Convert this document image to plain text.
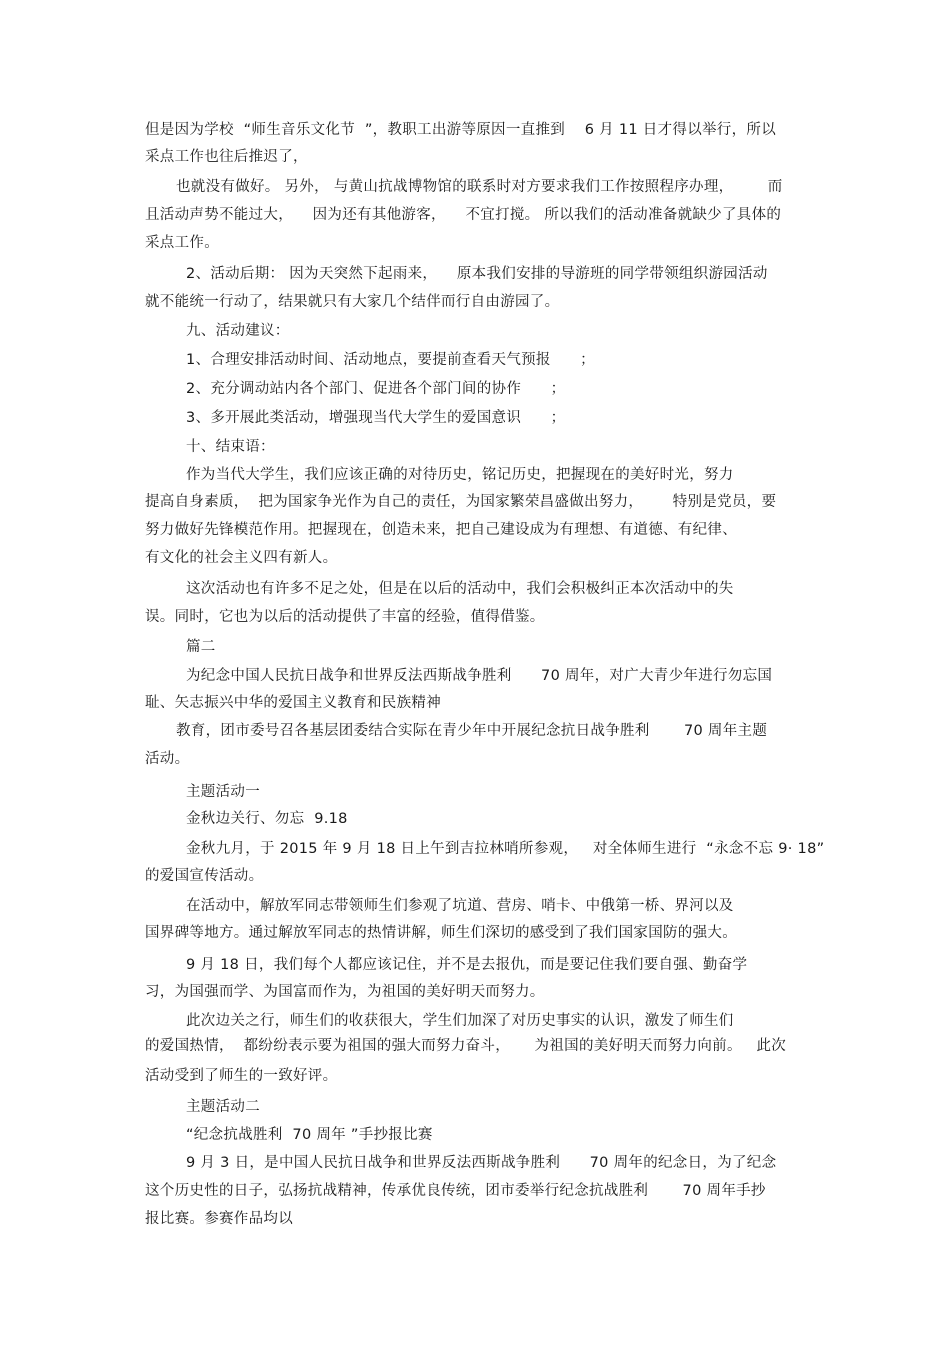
但是因为学校  “师生音乐文化节  ”，教职工出游等原因一直推到    6 月 11 日才得以举行，所以
采点工作也往后推迟了，
也就没有做好。 另外， 与黄山抗战博物馆的联系时对方要求我们工作按照程序办理，       而
且活动声势不能过大，    因为还有其他游客，    不宜打搅。 所以我们的活动准备就缺少了具体的
采点工作。
2、活动后期： 因为天突然下起雨来，    原本我们安排的导游班的同学带领组织游园活动
就不能统一行动了，结果就只有大家几个结伴而行自由游园了。
九、活动建议：
1、合理安排活动时间、活动地点，要提前查看天气预报      ；
2、充分调动站内各个部门、促进各个部门间的协作      ；
3、多开展此类活动，增强现当代大学生的爱国意识      ；
十、结束语：
作为当代大学生，我们应该正确的对待历史，铭记历史，把握现在的美好时光，努力
提高自身素质，  把为国家争光作为自己的责任，为国家繁荣昌盛做出努力，      特别是党员，要
努力做好先锋模范作用。把握现在，创造未来，把自己建设成为有理想、有道德、有纪律、
有文化的社会主义四有新人。
这次活动也有许多不足之处，但是在以后的活动中，我们会积极纠正本次活动中的失
误。同时，它也为以后的活动提供了丰富的经验，值得借鉴。
篇二
为纪念中国人民抗日战争和世界反法西斯战争胜利      70 周年，对广大青少年进行勿忘国
耻、矢志振兴中华的爱国主义教育和民族精神
教育，团市委号召各基层团委结合实际在青少年中开展纪念抗日战争胜利       70 周年主题
活动。
主题活动一
金秋边关行、勿忘  9.18
金秋九月，于 2015 年 9 月 18 日上午到吉拉林哨所参观，   对全体师生进行  “永念不忘 9· 18”
的爱国宣传活动。
在活动中，解放军同志带领师生们参观了坑道、营房、哨卡、中俄第一桥、界河以及
国界碑等地方。通过解放军同志的热情讲解，师生们深切的感受到了我们国家国防的强大。
9 月 18 日，我们每个人都应该记住，并不是去报仇，而是要记住我们要自强、勤奋学
习，为国强而学、为国富而作为，为祖国的美好明天而努力。
此次边关之行，师生们的收获很大，学生们加深了对历史事实的认识，激发了师生们
的爱国热情，  都纷纷表示要为祖国的强大而努力奋斗，     为祖国的美好明天而努力向前。   此次
活动受到了师生的一致好评。
主题活动二
“纪念抗战胜利  70 周年 ”手抄报比赛
9 月 3 日，是中国人民抗日战争和世界反法西斯战争胜利      70 周年的纪念日，为了纪念
这个历史性的日子，弘扬抗战精神，传承优良传统，团市委举行纪念抗战胜利       70 周年手抄
报比赛。参赛作品均以
